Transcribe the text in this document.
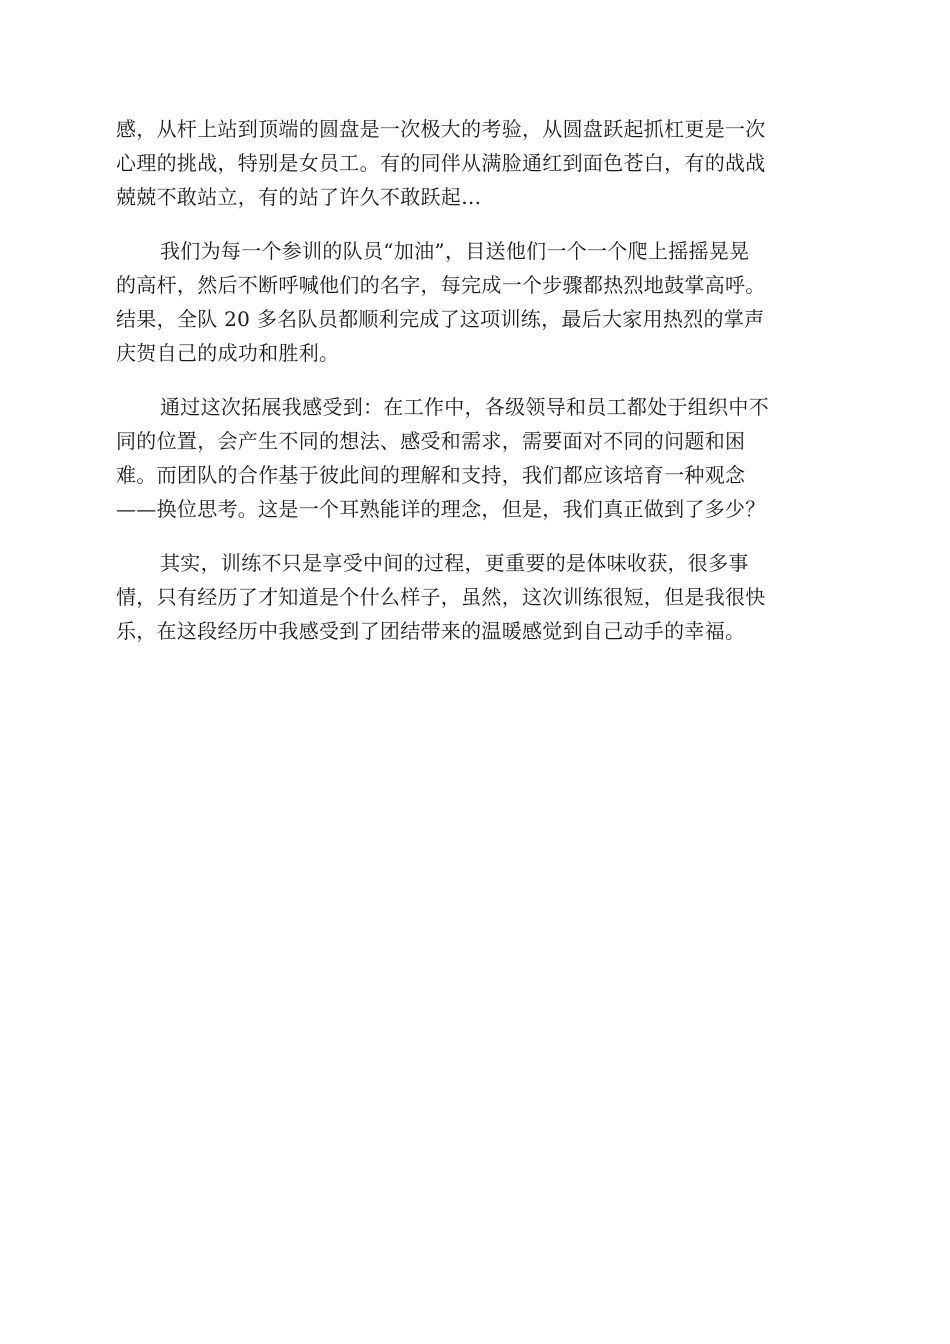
感，从杆上站到顶端的圆盘是一次极大的考验，从圆盘跃起抓杠更是一次
心理的挑战，特别是女员工。有的同伴从满脸通红到面色苍白，有的战战
兢兢不敢站立，有的站了许久不敢跃起…

我们为每一个参训的队员“加油”，目送他们一个一个爬上摇摇晃晃
的高杆，然后不断呼喊他们的名字，每完成一个步骤都热烈地鼓掌高呼。
结果，全队 20 多名队员都顺利完成了这项训练，最后大家用热烈的掌声
庆贺自己的成功和胜利。

通过这次拓展我感受到：在工作中，各级领导和员工都处于组织中不
同的位置，会产生不同的想法、感受和需求，需要面对不同的问题和困
难。而团队的合作基于彼此间的理解和支持，我们都应该培育一种观念
——换位思考。这是一个耳熟能详的理念，但是，我们真正做到了多少？

其实，训练不只是享受中间的过程，更重要的是体味收获，很多事
情，只有经历了才知道是个什么样子，虽然，这次训练很短，但是我很快
乐，在这段经历中我感受到了团结带来的温暖感觉到自己动手的幸福。
